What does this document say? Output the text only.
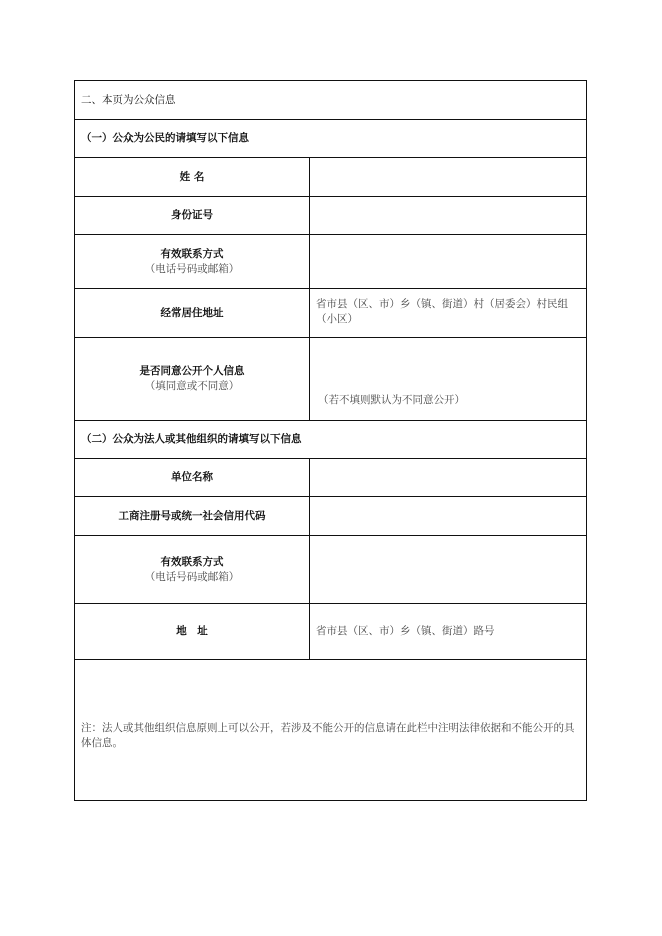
二、本页为公众信息
（一）公众为公民的请填写以下信息
姓 名
身份证号
有效联系方式
（电话号码或邮箱）
经常居住地址
省市县（区、市）乡（镇、街道）村（居委会）村民组（小区）
是否同意公开个人信息
（填同意或不同意）
（若不填则默认为不同意公开）
（二）公众为法人或其他组织的请填写以下信息
单位名称
工商注册号或统一社会信用代码
有效联系方式
（电话号码或邮箱）
地　址	省市县（区、市）乡（镇、街道）路号
注：法人或其他组织信息原则上可以公开，若涉及不能公开的信息请在此栏中注明法律依据和不能公开的具体信息。
